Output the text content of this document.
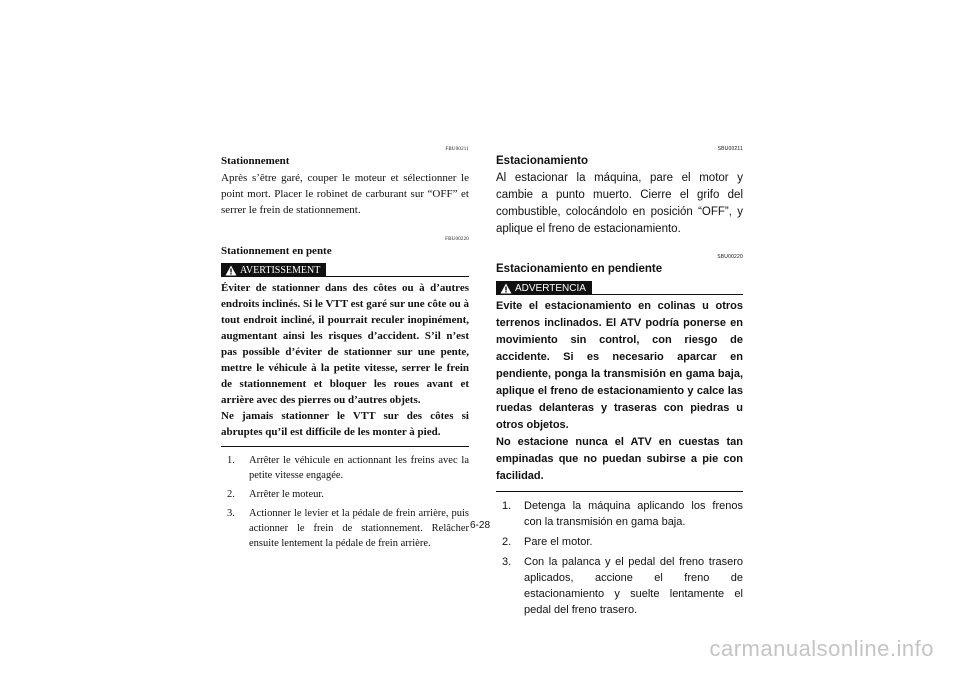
FBU00211
Stationnement
Après s’être garé, couper le moteur et sélectionner le point mort. Placer le robinet de carburant sur “OFF” et serrer le frein de stationnement.
FBU00220
Stationnement en pente
AVERTISSEMENT

Éviter de stationner dans des côtes ou à d’autres endroits inclinés. Si le VTT est garé sur une côte ou à tout endroit incliné, il pourrait reculer inopinément, augmentant ainsi les risques d’accident. S’il n’est pas possible d’éviter de stationner sur une pente, mettre le véhicule à la petite vitesse, serrer le frein de stationnement et bloquer les roues avant et arrière avec des pierres ou d’autres objets.

Ne jamais stationner le VTT sur des côtes si abruptes qu’il est difficile de les monter à pied.

1.	Arrêter le véhicule en actionnant les freins avec la petite vitesse engagée.
2.	Arrêter le moteur.
3.	Actionner le levier et la pédale de frein arrière, puis actionner le frein de stationnement. Relâcher ensuite lentement la pédale de frein arrière.
SBU00211
Estacionamiento
Al estacionar la máquina, pare el motor y cambie a punto muerto. Cierre el grifo del combustible, colocándolo en posición “OFF”, y aplique el freno de estacionamiento.
SBU00220
Estacionamiento en pendiente
ADVERTENCIA

Evite el estacionamiento en colinas u otros terrenos inclinados. El ATV podría ponerse en movimiento sin control, con riesgo de accidente. Si es necesario aparcar en pendiente, ponga la transmisión en gama baja, aplique el freno de estacionamiento y calce las ruedas delanteras y traseras con piedras u otros objetos.

No estacione nunca el ATV en cuestas tan empinadas que no puedan subirse a pie con facilidad.

1.	Detenga la máquina aplicando los frenos con la transmisión en gama baja.
2.	Pare el motor.
3.	Con la palanca y el pedal del freno trasero aplicados, accione el freno de estacionamiento y suelte lentamente el pedal del freno trasero.
6-28
carmanualsonline.info
